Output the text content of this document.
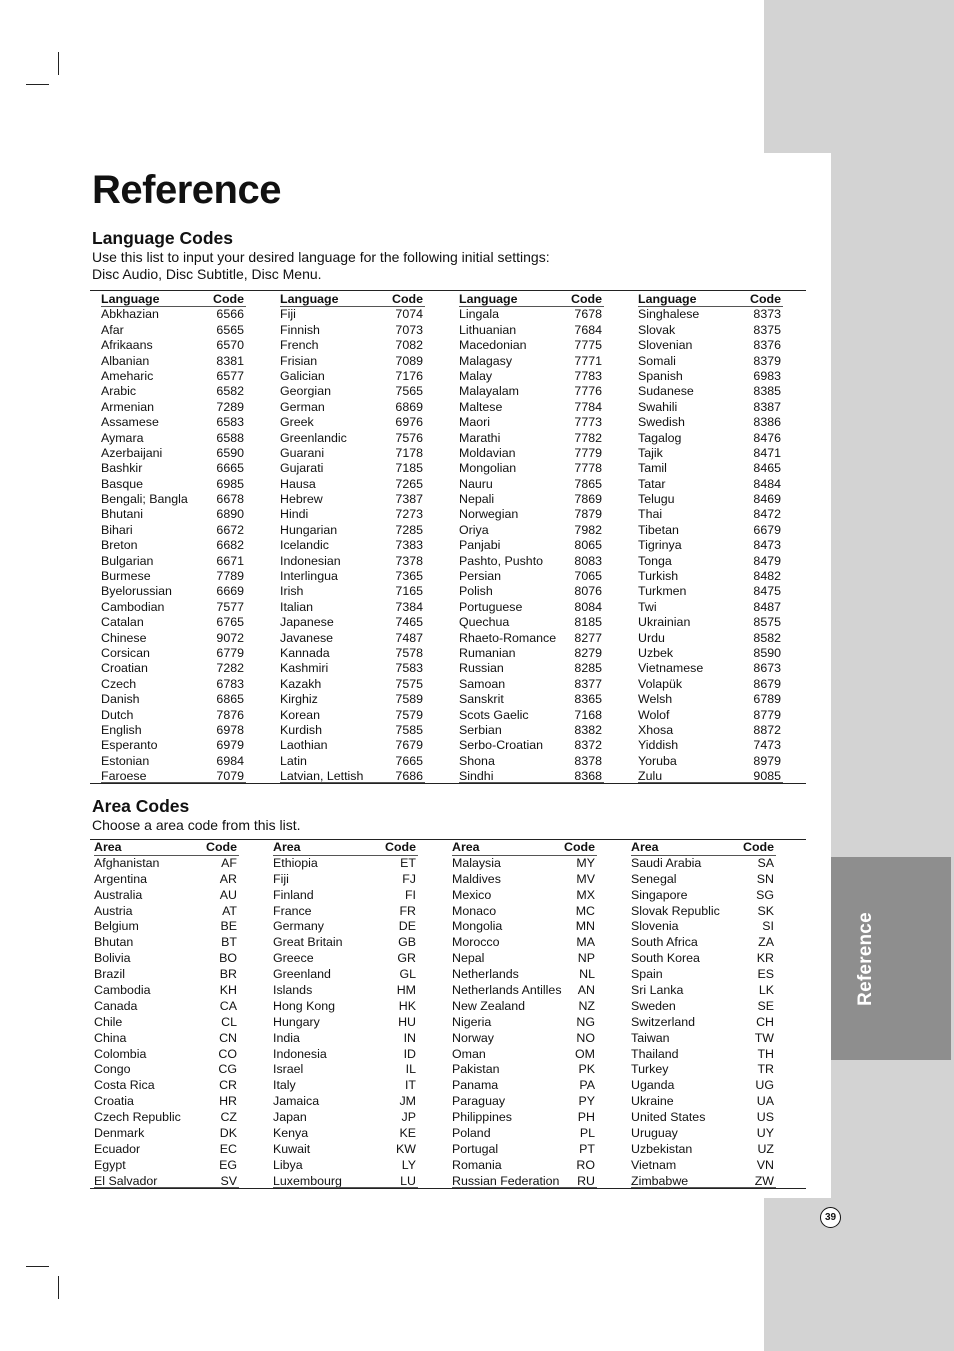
Reference
39
Reference
Language Codes

Use this list to input your desired language for the following initial settings:

Disc Audio, Disc Subtitle, Disc Menu.

Language	Code
Abkhazian	6566
Afar	6565
Afrikaans	6570
Albanian	8381
Ameharic	6577
Arabic	6582
Armenian	7289
Assamese	6583
Aymara	6588
Azerbaijani	6590
Bashkir	6665
Basque	6985
Bengali; Bangla 6678
Bhutani	6890
Bihari	6672
Breton	6682
Bulgarian	6671
Burmese	7789
Byelorussian	6669
Cambodian	7577
Catalan	6765
Chinese	9072
Corsican	6779
Croatian	7282
Czech	6783
Danish	6865
Dutch	7876
English	6978
Esperanto	6979
Estonian	6984
Faroese	7079
Language	Code
Fiji	7074
Finnish	7073
French	7082
Frisian	7089
Galician	7176
Georgian	7565
German	6869
Greek	6976
Greenlandic	7576
Guarani	7178
Gujarati	7185
Hausa	7265
Hebrew	7387
Hindi	7273
Hungarian	7285
Icelandic	7383
Indonesian	7378
Interlingua	7365
Irish	7165
Italian	7384
Japanese	7465
Javanese	7487
Kannada	7578
Kashmiri	7583
Kazakh	7575
Kirghiz	7589
Korean	7579
Kurdish	7585
Laothian	7679
Latin	7665
Latvian, Lettish	7686
Language	Code
Lingala	7678
Lithuanian	7684
Macedonian	7775
Malagasy	7771
Malay	7783
Malayalam	7776
Maltese	7784
Maori	7773
Marathi	7782
Moldavian	7779
Mongolian	7778
Nauru	7865
Nepali	7869
Norwegian	7879
Oriya	7982
Panjabi	8065
Pashto, Pushto	8083
Persian	7065
Polish	8076
Portuguese	8084
Quechua	8185
Rhaeto-Romance 8277
Rumanian	8279
Russian	8285
Samoan	8377
Sanskrit	8365
Scots Gaelic	7168
Serbian	8382
Serbo-Croatian	8372
Shona	8378
Sindhi	8368
Language	Code
Singhalese	8373
Slovak	8375
Slovenian	8376
Somali	8379
Spanish	6983
Sudanese	8385
Swahili	8387
Swedish	8386
Tagalog	8476
Tajik	8471
Tamil	8465
Tatar	8484
Telugu	8469
Thai	8472
Tibetan	6679
Tigrinya	8473
Tonga	8479
Turkish	8482
Turkmen	8475
Twi	8487
Ukrainian	8575
Urdu	8582
Uzbek	8590
Vietnamese	8673
Volapük	8679
Welsh	6789
Wolof	8779
Xhosa	8872
Yiddish	7473
Yoruba	8979
Zulu	9085
Area Codes

Choose a area code from this list.

Area	Code
Afghanistan	AF
Argentina	AR
Australia	AU
Austria	AT
Belgium	BE
Bhutan	BT
Bolivia	BO
Brazil	BR
Cambodia	KH
Canada	CA
Chile	CL
China	CN
Colombia	CO
Congo	CG
Costa Rica	CR
Croatia	HR
Czech Republic	CZ
Denmark	DK
Ecuador	EC
Egypt	EG
El Salvador	SV
Area	Code
Ethiopia	ET
Fiji	FJ
Finland	FI
France	FR
Germany	DE
Great Britain	GB
Greece	GR
Greenland	GL
Islands	HM
Hong Kong	HK
Hungary	HU
India	IN
Indonesia	ID
Israel	IL
Italy	IT
Jamaica	JM
Japan	JP
Kenya	KE
Kuwait	KW
Libya	LY
Luxembourg	LU
Area	Code
Malaysia	MY
Maldives	MV
Mexico	MX
Monaco	MC
Mongolia	MN
Morocco	MA
Nepal	NP
Netherlands	NL
Netherlands Antilles AN
New Zealand	NZ
Nigeria	NG
Norway	NO
Oman	OM
Pakistan	PK
Panama	PA
Paraguay	PY
Philippines	PH
Poland	PL
Portugal	PT
Romania	RO
Russian Federation RU
Area	Code
Saudi Arabia	SA
Senegal	SN
Singapore	SG
Slovak Republic	SK
Slovenia	SI
South Africa	ZA
South Korea	KR
Spain	ES
Sri Lanka	LK
Sweden	SE
Switzerland	CH
Taiwan	TW
Thailand	TH
Turkey	TR
Uganda	UG
Ukraine	UA
United States	US
Uruguay	UY
Uzbekistan	UZ
Vietnam	VN
Zimbabwe	ZW
